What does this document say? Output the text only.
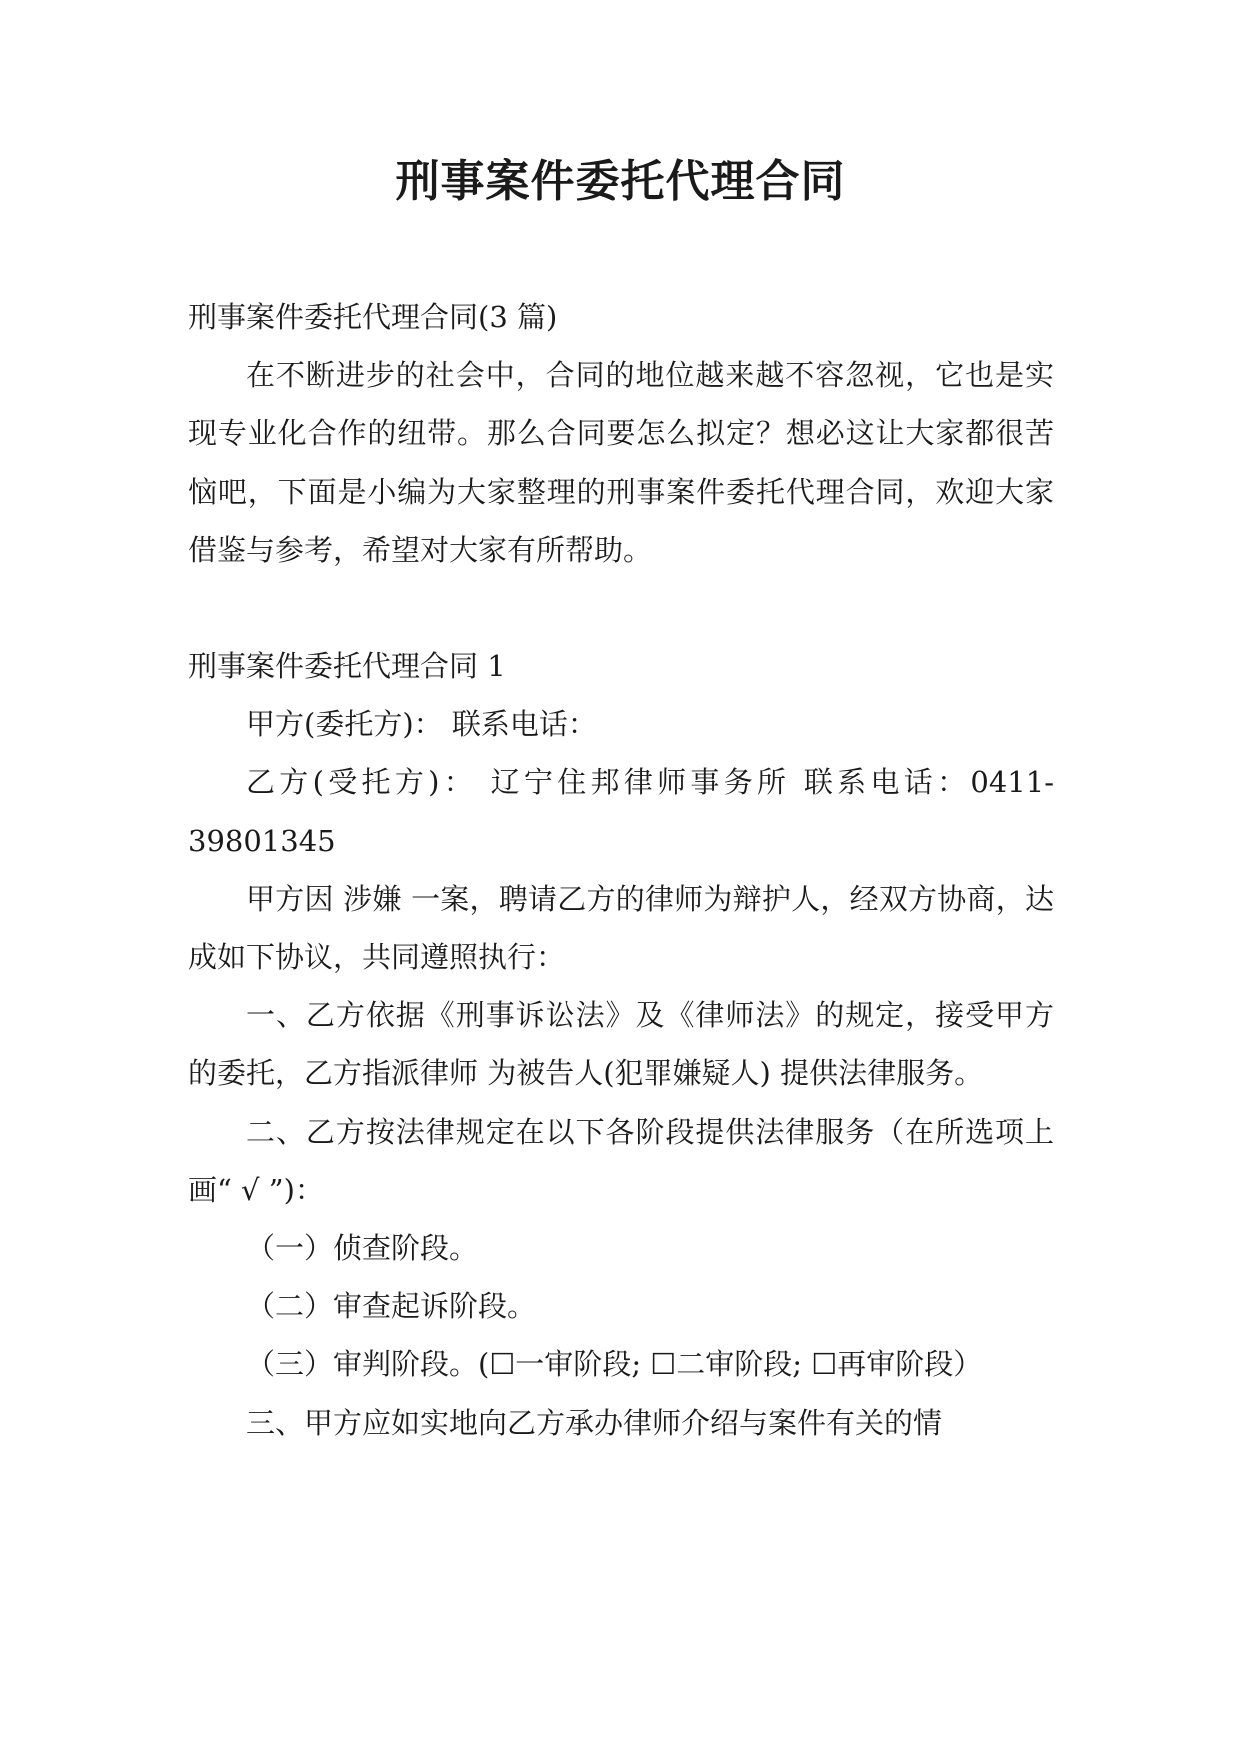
刑事案件委托代理合同

刑事案件委托代理合同(3 篇)

在不断进步的社会中，合同的地位越来越不容忽视，它也是实现专业化合作的纽带。那么合同要怎么拟定？想必这让大家都很苦恼吧，下面是小编为大家整理的刑事案件委托代理合同，欢迎大家借鉴与参考，希望对大家有所帮助。

刑事案件委托代理合同 1

甲方(委托方)： 联系电话：

乙方(受托方)： 辽宁住邦律师事务所 联系电话：0411-39801345

甲方因 涉嫌 一案，聘请乙方的律师为辩护人，经双方协商，达成如下协议，共同遵照执行：

一、乙方依据《刑事诉讼法》及《律师法》的规定，接受甲方的委托，乙方指派律师 为被告人(犯罪嫌疑人) 提供法律服务。

二、乙方按法律规定在以下各阶段提供法律服务（在所选项上画“ √ ”)：

（一）侦查阶段。

（二）审查起诉阶段。

（三）审判阶段。(☐一审阶段; ☐二审阶段; ☐再审阶段）

三、甲方应如实地向乙方承办律师介绍与案件有关的情
